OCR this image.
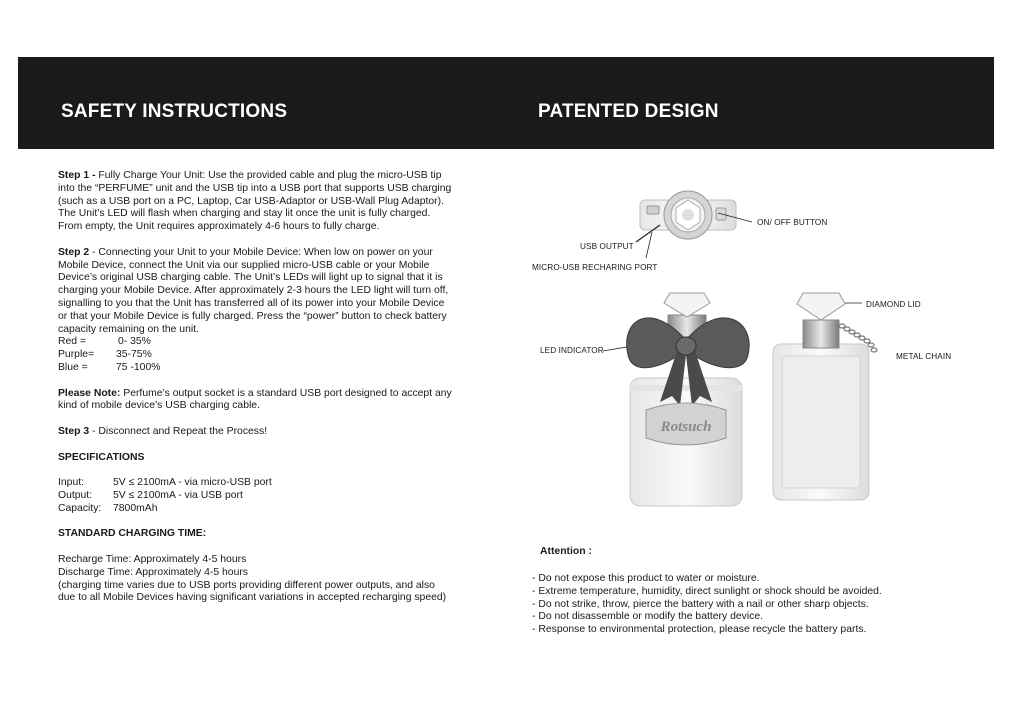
SAFETY INSTRUCTIONS	PATENTED DESIGN

Step 1 - Fully Charge Your Unit: Use the provided cable and plug the micro-USB tip

into the “PERFUME” unit and the USB tip into a USB port that supports USB charging

(such as a USB port on a PC, Laptop, Car USB-Adaptor or USB-Wall Plug Adaptor).

The Unit’s LED will flash when charging and stay lit once the unit is fully charged.

From empty, the Unit requires approximately 4-6 hours to fully charge.

Step 2 - Connecting your Unit to your Mobile Device: When low on power on your

Mobile Device, connect the Unit via our supplied micro-USB cable or your Mobile

Device’s original USB charging cable. The Unit’s LEDs will light up to signal that it is

charging your Mobile Device. After approximately 2-3 hours the LED light will turn off,

signalling to you that the Unit has transferred all of its power into your Mobile Device

or that your Mobile Device is fully charged. Press the “power” button to check battery

capacity remaining on the unit.

Red =	0- 35%
Purple=	35-75%
Blue =	75 -100%

Please Note: Perfume’s output socket is a standard USB port designed to accept any

kind of mobile device’s USB charging cable.

Step 3 - Disconnect and Repeat the Process!

SPECIFICATIONS

Input:	5V ≤ 2100mA - via micro-USB port
Output:	5V ≤ 2100mA - via USB port
Capacity:	7800mAh

STANDARD CHARGING TIME:

Recharge Time: Approximately 4-5 hours

Discharge Time: Approximately 4-5 hours

(charging time varies due to USB ports providing different power outputs, and also

due to all Mobile Devices having significant variations in accepted recharging speed)

Rotsuch
ON/ OFF BUTTON
USB OUTPUT
MICRO-USB RECHARING PORT
DIAMOND LID
LED INDICATOR
METAL CHAIN
Attention :
- Do not expose this product to water or moisture.
- Extreme temperature, humidity, direct sunlight or shock should be avoided.
- Do not strike, throw, pierce the battery with a nail or other sharp objects.
- Do not disassemble or modify the battery device.
- Response to environmental protection, please recycle the battery parts.
